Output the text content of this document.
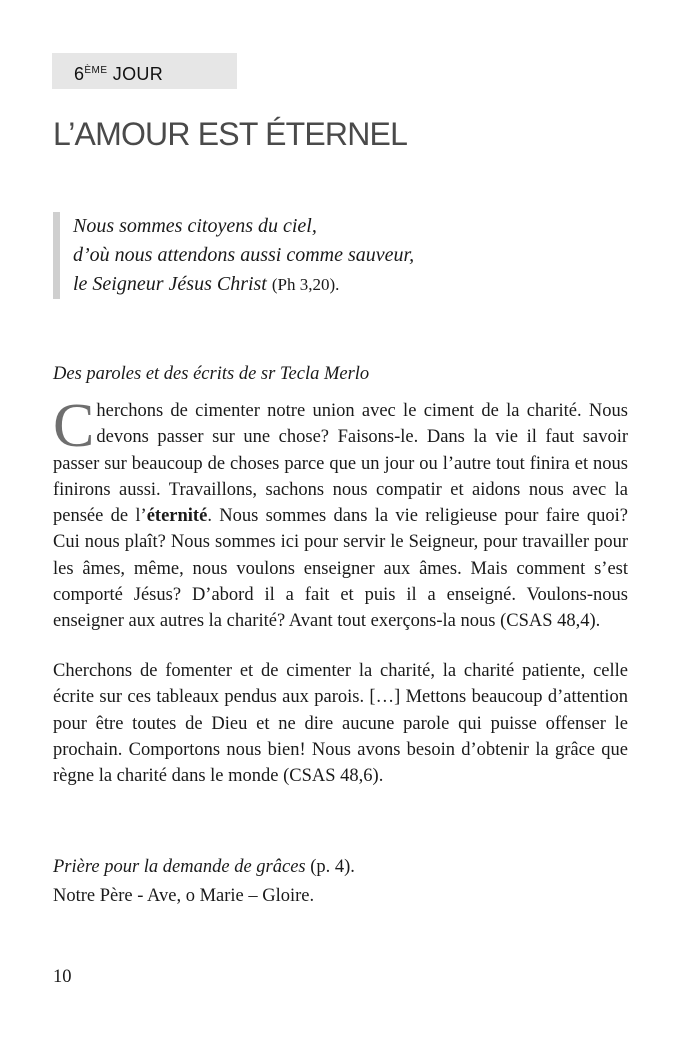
6ÈME JOUR
L’AMOUR EST ÉTERNEL
Nous sommes citoyens du ciel,
d’où nous attendons aussi comme sauveur,
le Seigneur Jésus Christ (Ph 3,20).
Des paroles et des écrits de sr Tecla Merlo

Cherchons de cimenter notre union avec le ciment de la charité. Nous devons passer sur une chose? Faisons-le. Dans la vie il faut savoir passer sur beaucoup de choses parce que un jour ou l’autre tout finira et nous finirons aussi. Travaillons, sachons nous compatir et aidons nous avec la pensée de l’éternité. Nous sommes dans la vie religieuse pour faire quoi? Cui nous plaît? Nous sommes ici pour servir le Seigneur, pour travailler pour les âmes, même, nous voulons enseigner aux âmes. Mais comment s’est comporté Jésus? D’abord il a fait et puis il a enseigné. Voulons-nous enseigner aux autres la charité? Avant tout exerçons-la nous (CSAS 48,4).

Cherchons de fomenter et de cimenter la charité, la charité patiente, celle écrite sur ces tableaux pendus aux parois. […] Mettons beaucoup d’attention pour être toutes de Dieu et ne dire aucune parole qui puisse offenser le prochain. Comportons nous bien! Nous avons besoin d’obtenir la grâce que règne la charité dans le monde (CSAS 48,6).

Prière pour la demande de grâces (p. 4).
Notre Père - Ave, o Marie – Gloire.
10
